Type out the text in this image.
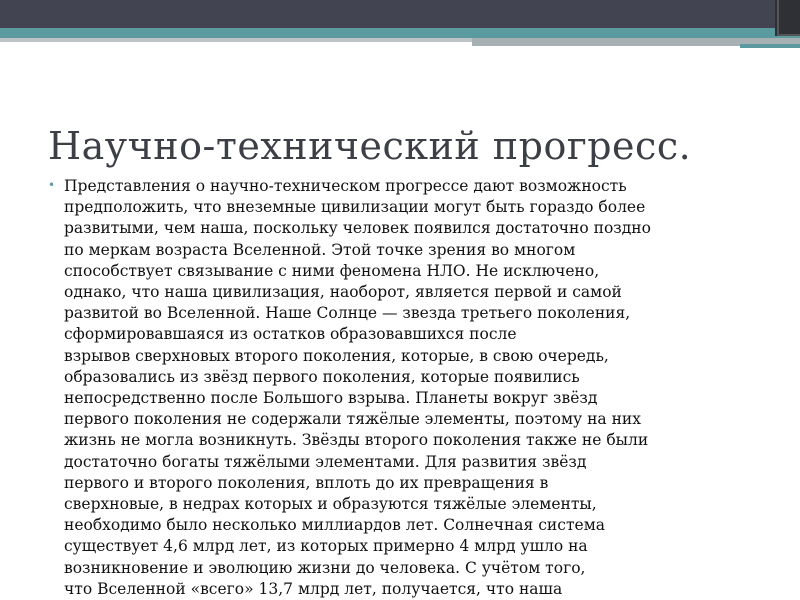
Научно-технический прогресс.
• Представления о научно-техническом прогрессе дают возможность
предположить, что внеземные цивилизации могут быть гораздо более
развитыми, чем наша, поскольку человек появился достаточно поздно
по меркам возраста Вселенной. Этой точке зрения во многом
способствует связывание с ними феномена НЛО. Не исключено,
однако, что наша цивилизация, наоборот, является первой и самой
развитой во Вселенной. Наше Солнце — звезда третьего поколения,
сформировавшаяся из остатков образовавшихся после
взрывов сверхновых второго поколения, которые, в свою очередь,
образовались из звёзд первого поколения, которые появились
непосредственно после Большого взрыва. Планеты вокруг звёзд
первого поколения не содержали тяжёлые элементы, поэтому на них
жизнь не могла возникнуть. Звёзды второго поколения также не были
достаточно богаты тяжёлыми элементами. Для развития звёзд
первого и второго поколения, вплоть до их превращения в
сверхновые, в недрах которых и образуются тяжёлые элементы,
необходимо было несколько миллиардов лет. Солнечная система
существует 4,6 млрд лет, из которых примерно 4 млрд ушло на
возникновение и эволюцию жизни до человека. С учётом того,
что Вселенной «всего» 13,7 млрд лет, получается, что наша
